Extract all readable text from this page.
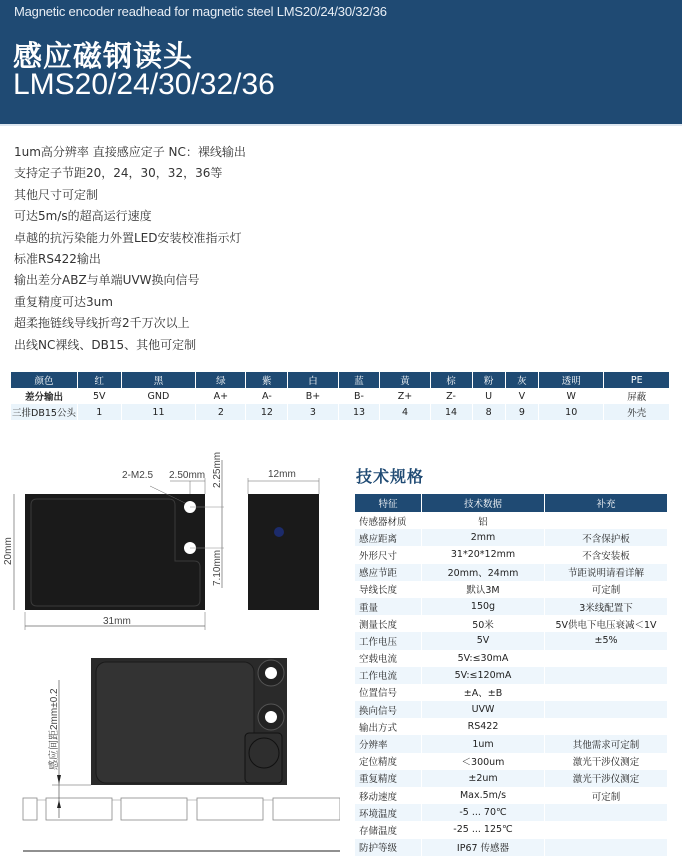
Magnetic encoder readhead for magnetic steel LMS20/24/30/32/36
感应磁钢读头
LMS20/24/30/32/36
1um高分辨率 直接感应定子 NC：裸线输出
支持定子节距20，24，30，32，36等
其他尺寸可定制
可达5m/s的超高运行速度
卓越的抗污染能力外置LED安装校准指示灯
标准RS422输出
输出差分ABZ与单端UVW换向信号
重复精度可达3um
超柔拖链线导线折弯2千万次以上
出线NC裸线、DB15、其他可定制
颜色	红	黑	绿	紫	白	蓝	黄	棕	粉	灰	透明	PE
差分输出	5V	GND	A+	A-	B+	B-	Z+	Z-	U	V	W	屏蔽
三排DB15公头	1	11	2	12	3	13	4	14	8	9	10	外壳
2-M2.5 2.50mm 2.25mm
7.10mm
20mm
31mm
12mm
感应间距2mm±0.2
技术规格
特征	技术数据	补充
传感器材质	铝	
感应距离	2mm	不含保护板
外形尺寸	31*20*12mm	不含安装板
感应节距	20mm、24mm	节距说明请看详解
导线长度	默认3M	可定制
重量	150g	3米线配置下
测量长度	50米	5V供电下电压衰减＜1V
工作电压	5V	±5%
空载电流	5V:≤30mA	
工作电流	5V:≤120mA	
位置信号	±A、±B	
换向信号	UVW	
输出方式	RS422	
分辨率	1um	其他需求可定制
定位精度	＜300um	激光干涉仪测定
重复精度	±2um	激光干涉仪测定
移动速度	Max.5m/s	可定制
环境温度	-5 ... 70℃	
存储温度	-25 ... 125℃	
防护等级	IP67 传感器	
